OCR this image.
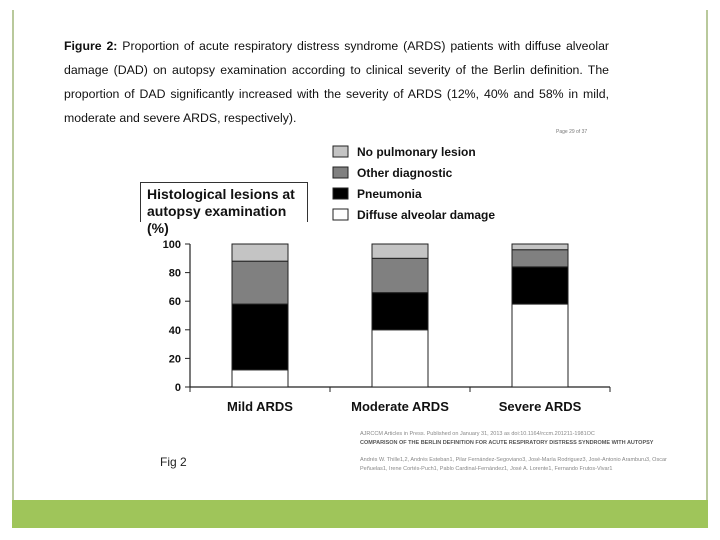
Figure 2: Proportion of acute respiratory distress syndrome (ARDS) patients with diffuse alveolar damage (DAD) on autopsy examination according to clinical severity of the Berlin definition. The proportion of DAD significantly increased with the severity of ARDS (12%, 40% and 58% in mild, moderate and severe ARDS, respectively).
Page 29 of 37
Histological lesions at autopsy examination (%)
0
20
40
60
80
100
Mild ARDS	Moderate ARDS	Severe ARDS
No pulmonary lesion
Other diagnostic
Pneumonia
Diffuse alveolar damage
Fig 2
AJRCCM Articles in Press. Published on January 31, 2013 as doi:10.1164/rccm.201211-1981OC
COMPARISON OF THE BERLIN DEFINITION FOR ACUTE RESPIRATORY DISTRESS SYNDROME WITH AUTOPSY
Andrés W. Thille1,2, Andrés Esteban1, Pilar Fernández-Segoviano3, José-María Rodriguez3, José-Antonio Aramburu3, Oscar Peñuelas1, Irene Cortés-Puch1, Pablo Cardinal-Fernández1, José A. Lorente1, Fernando Frutos-Vivar1
